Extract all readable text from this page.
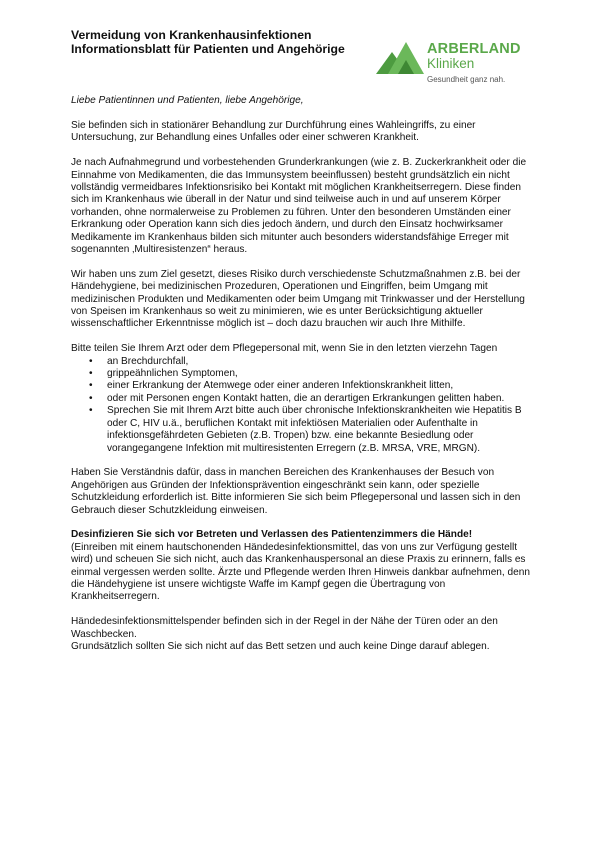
Vermeidung von Krankenhausinfektionen
Informationsblatt für Patienten und Angehörige	ARBERLAND
Kliniken
Gesundheit ganz nah.

Liebe Patientinnen und Patienten, liebe Angehörige,

Sie befinden sich in stationärer Behandlung zur Durchführung eines Wahleingriffs, zu einer Untersuchung, zur Behandlung eines Unfalles oder einer schweren Krankheit.

Je nach Aufnahmegrund und vorbestehenden Grunderkrankungen (wie z. B. Zuckerkrankheit oder die Einnahme von Medikamenten, die das Immunsystem beeinflussen) besteht grundsätzlich ein nicht vollständig vermeidbares Infektionsrisiko bei Kontakt mit möglichen Krankheitserregern. Diese finden sich im Krankenhaus wie überall in der Natur und sind teilweise auch in und auf unserem Körper vorhanden, ohne normalerweise zu Problemen zu führen. Unter den besonderen Umständen einer Erkrankung oder Operation kann sich dies jedoch ändern, und durch den Einsatz hochwirksamer Medikamente im Krankenhaus bilden sich mitunter auch besonders widerstandsfähige Erreger mit sogenannten ‚Multiresistenzen“ heraus.

Wir haben uns zum Ziel gesetzt, dieses Risiko durch verschiedenste Schutzmaßnahmen z.B. bei der Händehygiene, bei medizinischen Prozeduren, Operationen und Eingriffen, beim Umgang mit medizinischen Produkten und Medikamenten oder beim Umgang mit Trinkwasser und der Herstellung von Speisen im Krankenhaus so weit zu minimieren, wie es unter Berücksichtigung aktueller wissenschaftlicher Erkenntnisse möglich ist – doch dazu brauchen wir auch Ihre Mithilfe.

Bitte teilen Sie Ihrem Arzt oder dem Pflegepersonal mit, wenn Sie in den letzten vierzehn Tagen

• an Brechdurchfall,
• grippeähnlichen Symptomen,
• einer Erkrankung der Atemwege oder einer anderen Infektionskrankheit litten,
• oder mit Personen engen Kontakt hatten, die an derartigen Erkrankungen gelitten haben.
• Sprechen Sie mit Ihrem Arzt bitte auch über chronische Infektionskrankheiten wie Hepatitis B oder C, HIV u.ä., beruflichen Kontakt mit infektiösen Materialien oder Aufenthalte in infektionsgefährdeten Gebieten (z.B. Tropen) bzw. eine bekannte Besiedlung oder vorangegangene Infektion mit multiresistenten Erregern (z.B. MRSA, VRE, MRGN).

Haben Sie Verständnis dafür, dass in manchen Bereichen des Krankenhauses der Besuch von Angehörigen aus Gründen der Infektionsprävention eingeschränkt sein kann, oder spezielle Schutzkleidung erforderlich ist. Bitte informieren Sie sich beim Pflegepersonal und lassen sich in den Gebrauch dieser Schutzkleidung einweisen.

Desinfizieren Sie sich vor Betreten und Verlassen des Patientenzimmers die Hände!
(Einreiben mit einem hautschonenden Händedesinfektionsmittel, das von uns zur Verfügung gestellt wird) und scheuen Sie sich nicht, auch das Krankenhauspersonal an diese Praxis zu erinnern, falls es einmal vergessen werden sollte. Ärzte und Pflegende werden Ihren Hinweis dankbar aufnehmen, denn die Händehygiene ist unsere wichtigste Waffe im Kampf gegen die Übertragung von Krankheitserregern.

Händedesinfektionsmittelspender befinden sich in der Regel in der Nähe der Türen oder an den Waschbecken.
Grundsätzlich sollten Sie sich nicht auf das Bett setzen und auch keine Dinge darauf ablegen.
